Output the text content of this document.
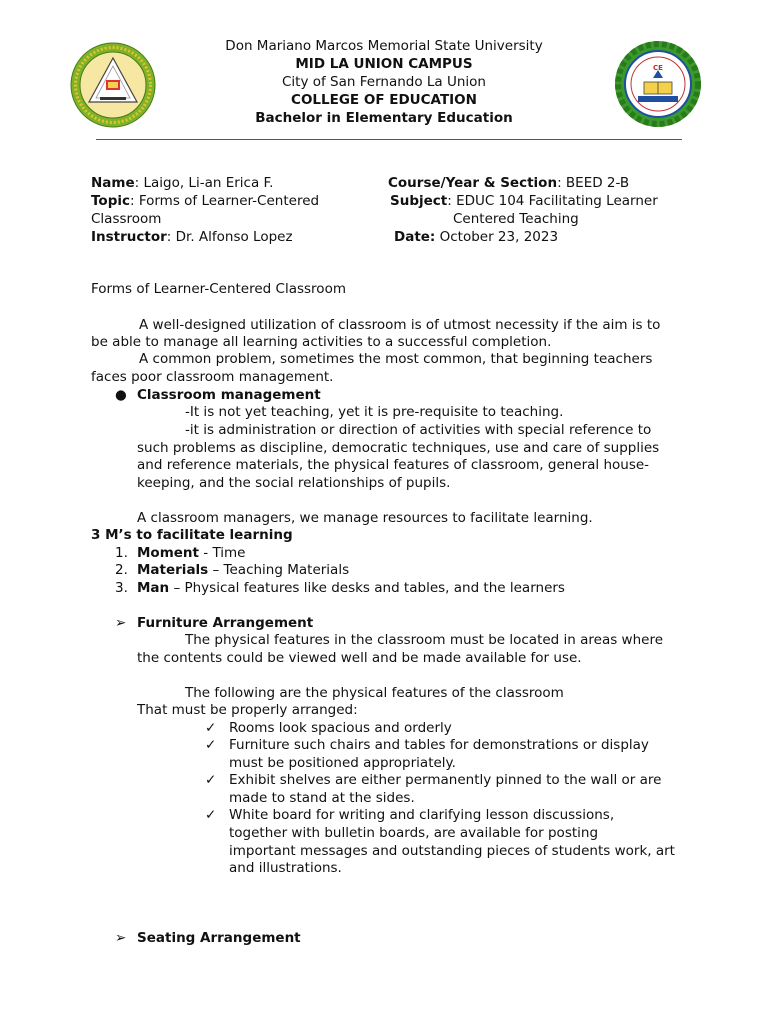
CE
Don Mariano Marcos Memorial State University
MID LA UNION CAMPUS
City of San Fernando La Union
COLLEGE OF EDUCATION
Bachelor in Elementary Education
Name: Laigo, Li-an Erica F.	Course/Year & Section: BEED 2-B
Topic: Forms of Learner-Centered
Classroom
Subject: EDUC 104 Facilitating Learner
Centered Teaching
Instructor: Dr. Alfonso Lopez	Date: October 23, 2023
Forms of Learner-Centered Classroom
A well-designed utilization of classroom is of utmost necessity if the aim is to
be able to manage all learning activities to a successful completion.
A common problem, sometimes the most common, that beginning teachers
faces poor classroom management.
● Classroom management
-It is not yet teaching, yet it is pre-requisite to teaching.
-it is administration or direction of activities with special reference to
such problems as discipline, democratic techniques, use and care of supplies
and reference materials, the physical features of classroom, general house-
keeping, and the social relationships of pupils.
A classroom managers, we manage resources to facilitate learning.
3 M’s to facilitate learning
1. Moment - Time
2. Materials – Teaching Materials
3. Man – Physical features like desks and tables, and the learners
➢ Furniture Arrangement
The physical features in the classroom must be located in areas where
the contents could be viewed well and be made available for use.
The following are the physical features of the classroom
That must be properly arranged:
✓ Rooms look spacious and orderly
✓ Furniture such chairs and tables for demonstrations or display
must be positioned appropriately.
✓ Exhibit shelves are either permanently pinned to the wall or are
made to stand at the sides.
✓ White board for writing and clarifying lesson discussions,
together with bulletin boards, are available for posting
important messages and outstanding pieces of students work, art
and illustrations.
➢ Seating Arrangement
